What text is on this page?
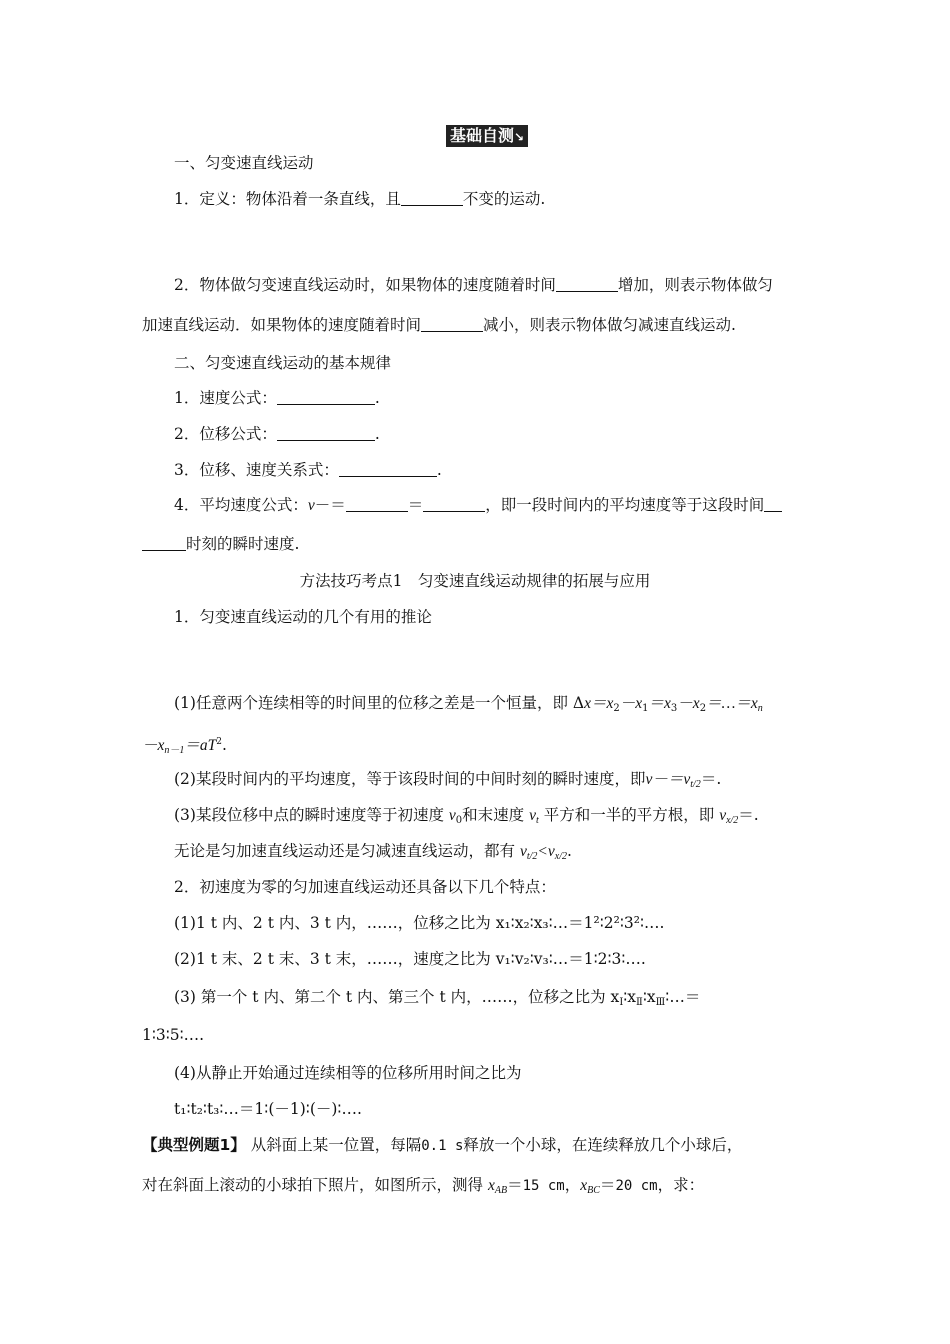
基础自测↘
一、匀变速直线运动
1．定义：物体沿着一条直线，且	不变的运动.
2．物体做匀变速直线运动时，如果物体的速度随着时间	增加，则表示物体做匀
加速直线运动．如果物体的速度随着时间	减小，则表示物体做匀减速直线运动.
二、匀变速直线运动的基本规律
1．速度公式：	.
2．位移公式：	.
3．位移、速度关系式：	.
4．平均速度公式：v－＝	＝	，即一段时间内的平均速度等于这段时间
时刻的瞬时速度.
方法技巧考点1　匀变速直线运动规律的拓展与应用
1．匀变速直线运动的几个有用的推论
(1)任意两个连续相等的时间里的位移之差是一个恒量，即 $\Delta x=x_2-x_1=x_3-x_2=\dots=x_n$
$-x_{n-1}=aT^2$.
(2)某段时间内的平均速度，等于该段时间的中间时刻的瞬时速度，即$v-=v_{t/2}=$.
(3)某段位移中点的瞬时速度等于初速度 $v_0$和末速度 $v_t$ 平方和一半的平方根，即 $v_{x/2}=$.
无论是匀加速直线运动还是匀减速直线运动，都有 $v_{t/2}<v_{x/2}$.
2．初速度为零的匀加速直线运动还具备以下几个特点：
(1)1 t 内、2 t 内、3 t 内，……，位移之比为 x₁∶x₂∶x₃∶…＝1²∶2²∶3²∶….
(2)1 t 末、2 t 末、3 t 末，……，速度之比为 v₁∶v₂∶v₃∶…＝1∶2∶3∶….
(3) 第一个 t 内、第二个 t 内、第三个 t 内，……，位移之比为 $x_Ⅰ∶x_Ⅱ∶x_Ⅲ∶\dots=$
1∶3∶5∶….
(4)从静止开始通过连续相等的位移所用时间之比为
t₁∶t₂∶t₃∶…＝1∶(－1)∶(－)∶….
【典型例题1】 从斜面上某一位置，每隔0.1 s释放一个小球，在连续释放几个小球后，
对在斜面上滚动的小球拍下照片，如图所示，测得 $x_{AB}=15$ cm，$x_{BC}=20$ cm，求：
